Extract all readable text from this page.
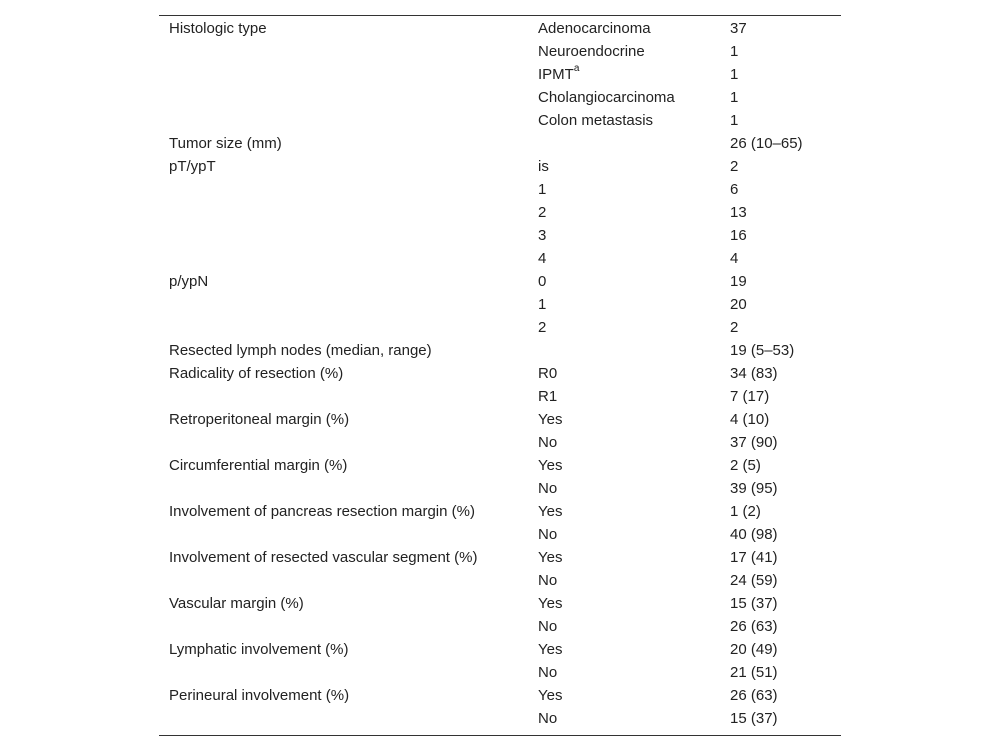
Histologic type	Adenocarcinoma	37
	Neuroendocrine	1
	IPMT$^a$	1
	Cholangiocarcinoma	1
	Colon metastasis	1
Tumor size (mm)		26 (10–65)
pT/ypT	is	2
	1	6
	2	13
	3	16
	4	4
p/ypN	0	19
	1	20
	2	2
Resected lymph nodes (median, range)		19 (5–53)
Radicality of resection (%)	R0	34 (83)
	R1	7 (17)
Retroperitoneal margin (%)	Yes	4 (10)
	No	37 (90)
Circumferential margin (%)	Yes	2 (5)
	No	39 (95)
Involvement of pancreas resection margin (%)	Yes	1 (2)
	No	40 (98)
Involvement of resected vascular segment (%)	Yes	17 (41)
	No	24 (59)
Vascular margin (%)	Yes	15 (37)
	No	26 (63)
Lymphatic involvement (%)	Yes	20 (49)
	No	21 (51)
Perineural involvement (%)	Yes	26 (63)
	No	15 (37)
